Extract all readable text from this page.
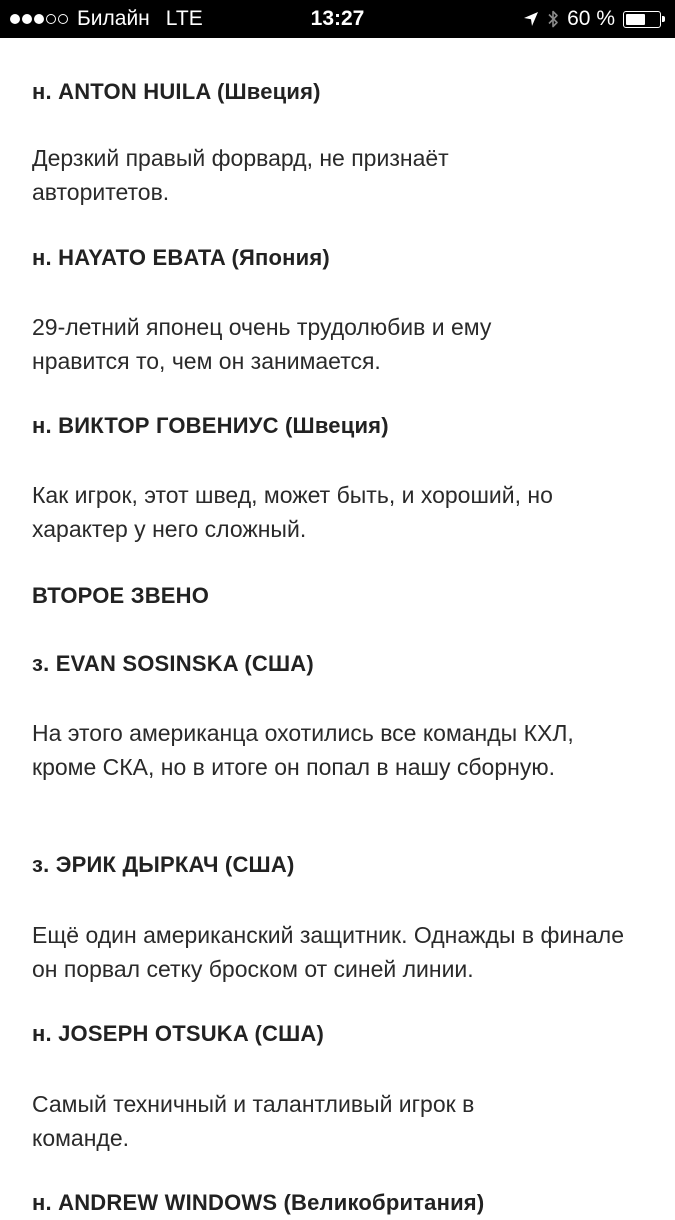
Билайн LTE	13:27	60 %
н. ANTON HUILA (Швеция)
Дерзкий правый форвард, не признаёт авторитетов.
н. HAYATO EBATA (Япония)
29-летний японец очень трудолюбив и ему нравится то, чем он занимается.
н. ВИКТОР ГОВЕНИУС (Швеция)
Как игрок, этот швед, может быть, и хороший, но характер у него сложный.
ВТОРОЕ ЗВЕНО
з. EVAN SOSINSKA (США)
На этого американца охотились все команды КХЛ, кроме СКА, но в итоге он попал в нашу сборную.
з. ЭРИК ДЫРКАЧ (США)
Ещё один американский защитник. Однажды в финале он порвал сетку броском от синей линии.
н. JOSEPH OTSUKA (США)
Самый техничный и талантливый игрок в команде.
н. ANDREW WINDOWS (Великобритания)
